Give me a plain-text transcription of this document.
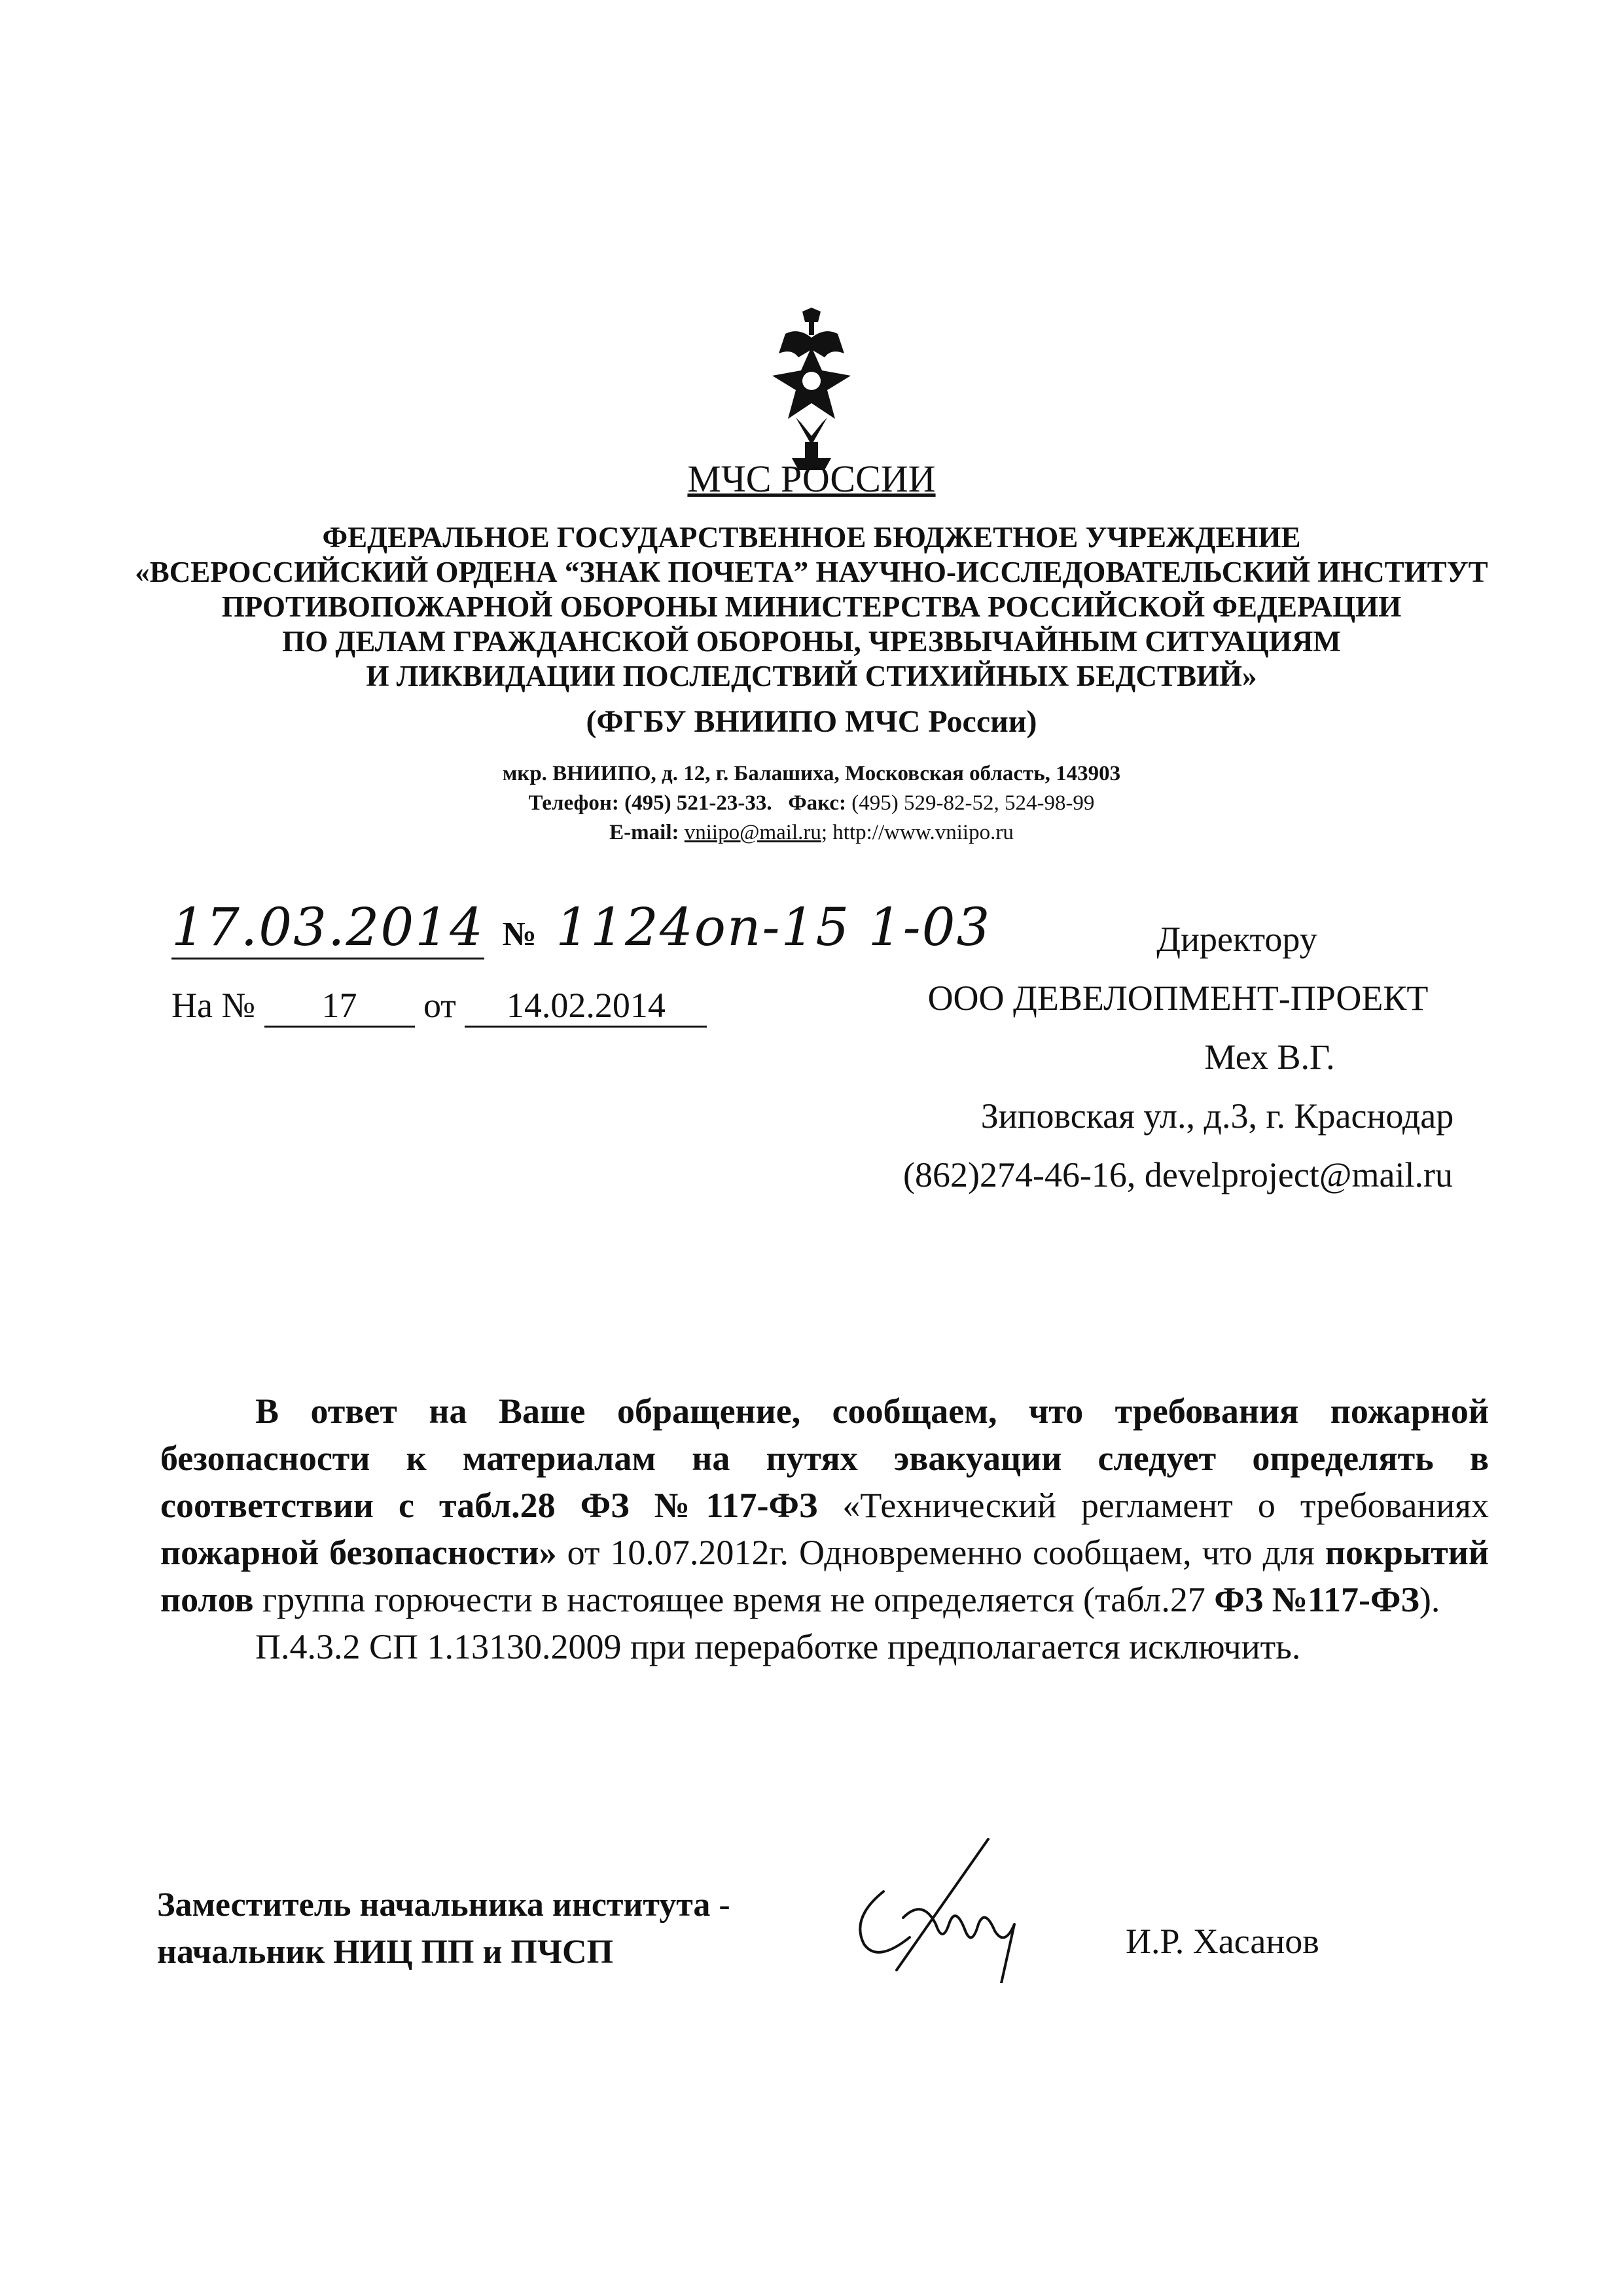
МЧС РОССИИ
ФЕДЕРАЛЬНОЕ ГОСУДАРСТВЕННОЕ БЮДЖЕТНОЕ УЧРЕЖДЕНИЕ
«ВСЕРОССИЙСКИЙ ОРДЕНА “ЗНАК ПОЧЕТА” НАУЧНО-ИССЛЕДОВАТЕЛЬСКИЙ ИНСТИТУТ
ПРОТИВОПОЖАРНОЙ ОБОРОНЫ МИНИСТЕРСТВА РОССИЙСКОЙ ФЕДЕРАЦИИ
ПО ДЕЛАМ ГРАЖДАНСКОЙ ОБОРОНЫ, ЧРЕЗВЫЧАЙНЫМ СИТУАЦИЯМ
И ЛИКВИДАЦИИ ПОСЛЕДСТВИЙ СТИХИЙНЫХ БЕДСТВИЙ»
(ФГБУ ВНИИПО МЧС России)
мкр. ВНИИПО, д. 12, г. Балашиха, Московская область, 143903
Телефон: (495) 521-23-33. Факс: (495) 529-82-52, 524-98-99
E-mail: vniipo@mail.ru; http://www.vniipo.ru
17.03.2014 № 1124оп-15 1-03
На № 17 от 14.02.2014
Директору
ООО ДЕВЕЛОПМЕНТ-ПРОЕКТ
Мех В.Г.
Зиповская ул., д.3, г. Краснодар
(862)274-46-16, develproject@mail.ru

В ответ на Ваше обращение, сообщаем, что требования пожарной безопасности к материалам на путях эвакуации следует определять в соответствии с табл.28 ФЗ №117-ФЗ «Технический регламент о требованиях пожарной безопасности» от 10.07.2012г. Одновременно сообщаем, что для покрытий полов группа горючести в настоящее время не определяется (табл.27 ФЗ №117-ФЗ).

П.4.3.2 СП 1.13130.2009 при переработке предполагается исключить.

Заместитель начальника института -
начальник НИЦ ПП и ПЧСП	И.Р. Хасанов
